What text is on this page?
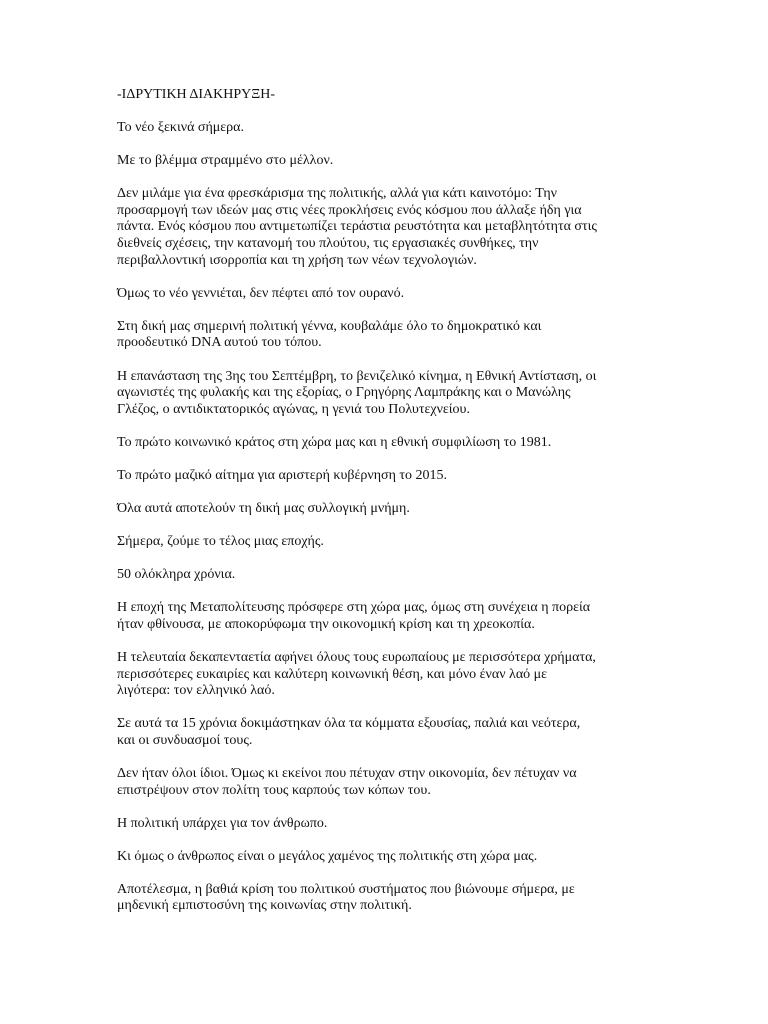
-ΙΔΡΥΤΙΚΗ ΔΙΑΚΗΡΥΞΗ-

Το νέο ξεκινά σήμερα.

Με το βλέμμα στραμμένο στο μέλλον.

Δεν μιλάμε για ένα φρεσκάρισμα της πολιτικής, αλλά για κάτι καινοτόμο: Την
προσαρμογή των ιδεών μας στις νέες προκλήσεις ενός κόσμου που άλλαξε ήδη για
πάντα. Ενός κόσμου που αντιμετωπίζει τεράστια ρευστότητα και μεταβλητότητα στις
διεθνείς σχέσεις, την κατανομή του πλούτου, τις εργασιακές συνθήκες, την
περιβαλλοντική ισορροπία και τη χρήση των νέων τεχνολογιών.

Όμως το νέο γεννιέται, δεν πέφτει από τον ουρανό.

Στη δική μας σημερινή πολιτική γέννα, κουβαλάμε όλο το δημοκρατικό και
προοδευτικό DNA αυτού του τόπου.

Η επανάσταση της 3ης του Σεπτέμβρη, το βενιζελικό κίνημα, η Εθνική Αντίσταση, οι
αγωνιστές της φυλακής και της εξορίας, ο Γρηγόρης Λαμπράκης και ο Μανώλης
Γλέζος, ο αντιδικτατορικός αγώνας, η γενιά του Πολυτεχνείου.

Το πρώτο κοινωνικό κράτος στη χώρα μας και η εθνική συμφιλίωση το 1981.

Το πρώτο μαζικό αίτημα για αριστερή κυβέρνηση το 2015.

Όλα αυτά αποτελούν τη δική μας συλλογική μνήμη.

Σήμερα, ζούμε το τέλος μιας εποχής.

50 ολόκληρα χρόνια.

Η εποχή της Μεταπολίτευσης πρόσφερε στη χώρα μας, όμως στη συνέχεια η πορεία
ήταν φθίνουσα, με αποκορύφωμα την οικονομική κρίση και τη χρεοκοπία.

Η τελευταία δεκαπενταετία αφήνει όλους τους ευρωπαίους με περισσότερα χρήματα,
περισσότερες ευκαιρίες και καλύτερη κοινωνική θέση, και μόνο έναν λαό με
λιγότερα: τον ελληνικό λαό.

Σε αυτά τα 15 χρόνια δοκιμάστηκαν όλα τα κόμματα εξουσίας, παλιά και νεότερα,
και οι συνδυασμοί τους.

Δεν ήταν όλοι ίδιοι. Όμως κι εκείνοι που πέτυχαν στην οικονομία, δεν πέτυχαν να
επιστρέψουν στον πολίτη τους καρπούς των κόπων του.

Η πολιτική υπάρχει για τον άνθρωπο.

Κι όμως ο άνθρωπος είναι ο μεγάλος χαμένος της πολιτικής στη χώρα μας.

Αποτέλεσμα, η βαθιά κρίση του πολιτικού συστήματος που βιώνουμε σήμερα, με
μηδενική εμπιστοσύνη της κοινωνίας στην πολιτική.
